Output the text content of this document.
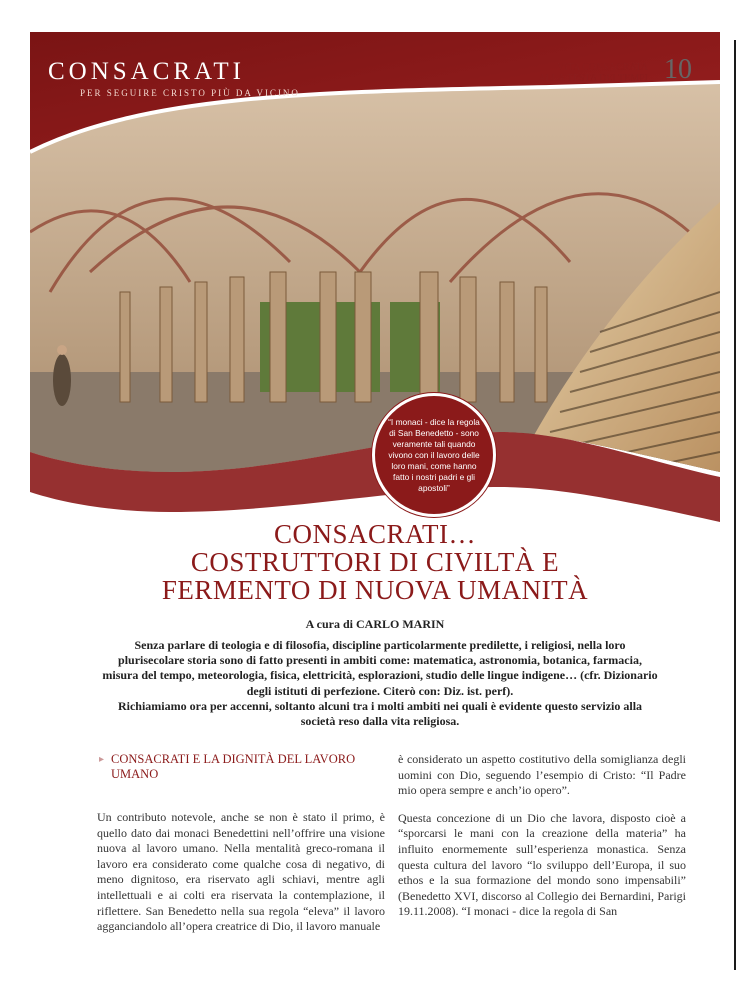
CONSACRATI
PER SEGUIRE CRISTO PIÙ DA VICINO
VITA CONSACRATA
ALLA TESTA DEI TEMPI 10
“I monaci - dice la regola di San Benedetto - sono veramente tali quando vivono con il lavoro delle loro mani, come hanno fatto i nostri padri e gli apostoli”
CONSACRATI…
COSTRUTTORI DI CIVILTÀ E
FERMENTO DI NUOVA UMANITÀ
A cura di CARLO MARIN

Senza parlare di teologia e di filosofia, discipline particolarmente predilette, i religiosi, nella loro plurisecolare storia sono di fatto presenti in ambiti come: matematica, astronomia, botanica, farmacia, misura del tempo, meteorologia, fisica, elettricità, esplorazioni, studio delle lingue indigene… (cfr. Dizionario degli istituti di perfezione. Citerò con: Diz. ist. perf).

Richiamiamo ora per accenni, soltanto alcuni tra i molti ambiti nei quali è evidente questo servizio alla società reso dalla vita religiosa.

▸ CONSACRATI E LA DIGNITÀ DEL LAVORO UMANO

Un contributo notevole, anche se non è stato il primo, è quello dato dai monaci Benedettini nell’offrire una visione nuova al lavoro umano. Nella mentalità greco-romana il lavoro era considerato come qualche cosa di negativo, di meno dignitoso, era riservato agli schiavi, mentre agli intellettuali e ai colti era riservata la contemplazione, il riflettere. San Benedetto nella sua regola “eleva” il lavoro agganciandolo all’opera creatrice di Dio, il lavoro manuale

è considerato un aspetto costitutivo della somiglianza degli uomini con Dio, seguendo l’esempio di Cristo: “Il Padre mio opera sempre e anch’io opero”.

Questa concezione di un Dio che lavora, disposto cioè a “sporcarsi le mani con la creazione della materia” ha influito enormemente sull’esperienza monastica. Senza questa cultura del lavoro “lo sviluppo dell’Europa, il suo ethos e la sua formazione del mondo sono impensabili” (Benedetto XVI, discorso al Collegio dei Bernardini, Parigi 19.11.2008). “I monaci - dice la regola di San
